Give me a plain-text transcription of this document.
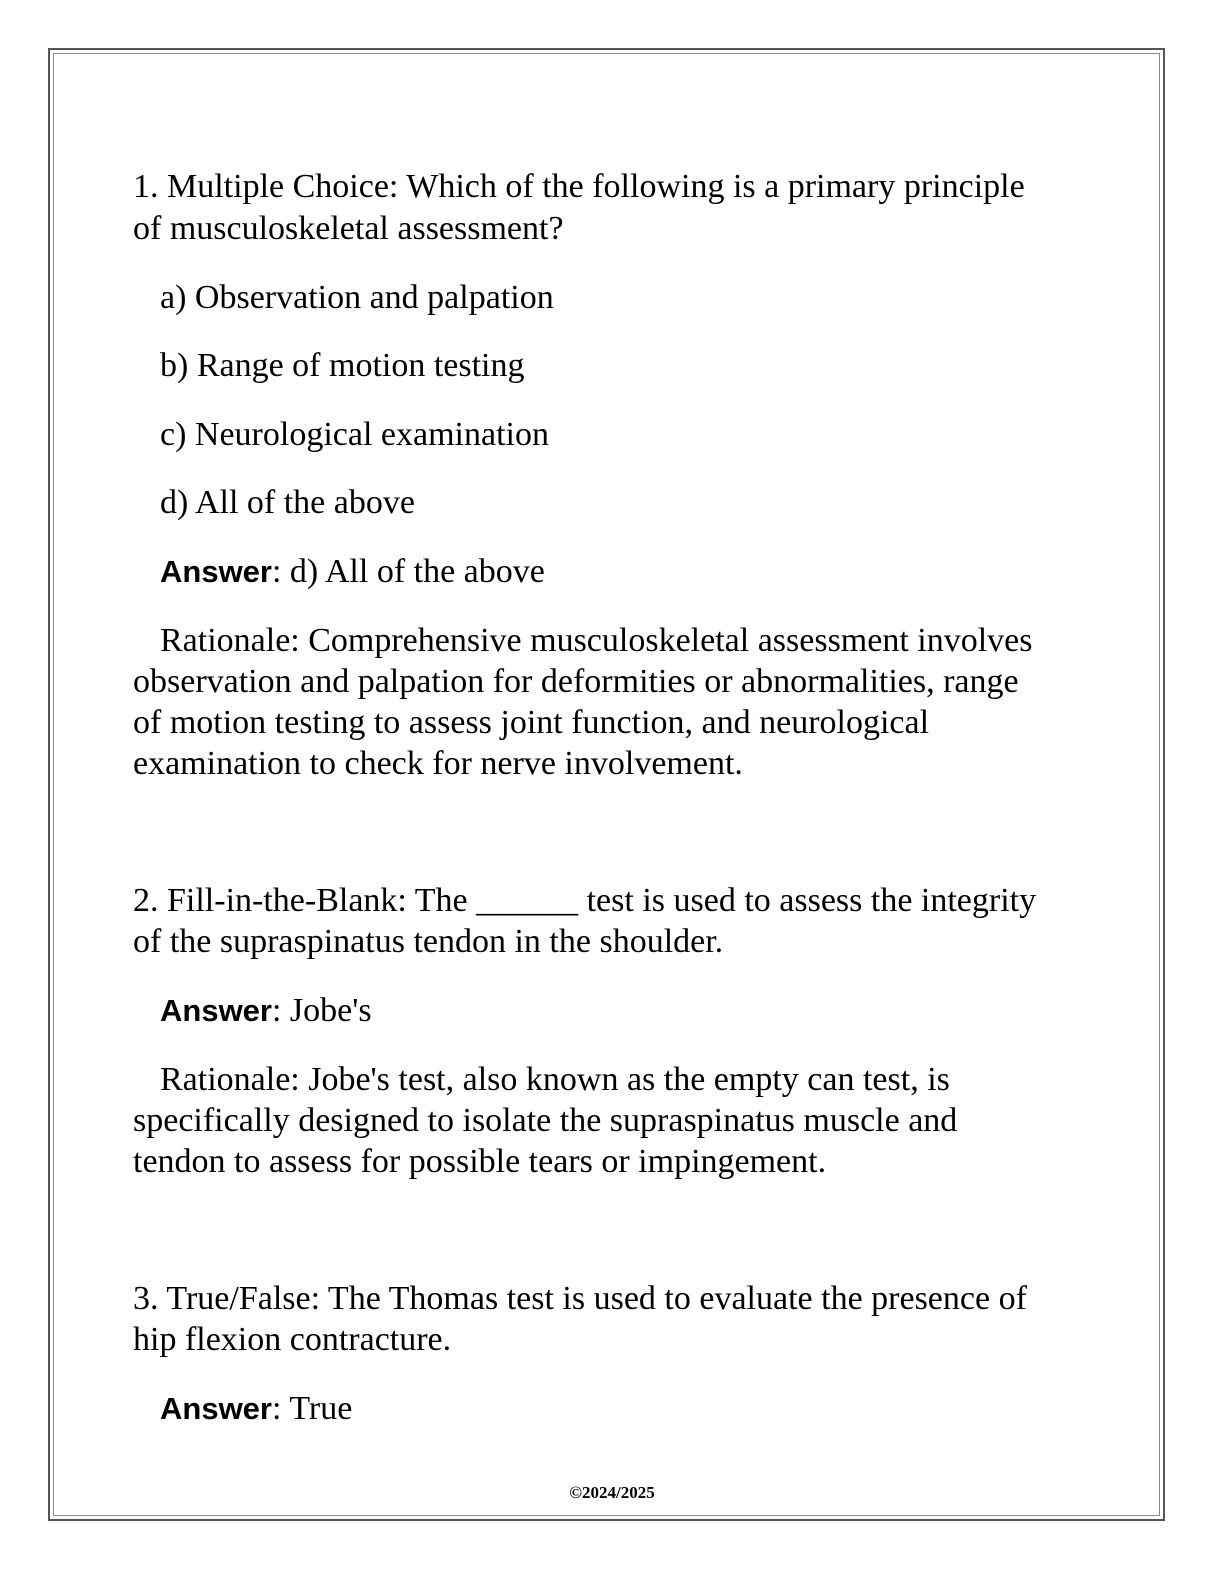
1. Multiple Choice: Which of the following is a primary principle
of musculoskeletal assessment?
a) Observation and palpation
b) Range of motion testing
c) Neurological examination
d) All of the above
Answer: d) All of the above
Rationale: Comprehensive musculoskeletal assessment involves
observation and palpation for deformities or abnormalities, range
of motion testing to assess joint function, and neurological
examination to check for nerve involvement.
2. Fill-in-the-Blank: The ______ test is used to assess the integrity
of the supraspinatus tendon in the shoulder.
Answer: Jobe's
Rationale: Jobe's test, also known as the empty can test, is
specifically designed to isolate the supraspinatus muscle and
tendon to assess for possible tears or impingement.
3. True/False: The Thomas test is used to evaluate the presence of
hip flexion contracture.
Answer: True
©2024/2025
